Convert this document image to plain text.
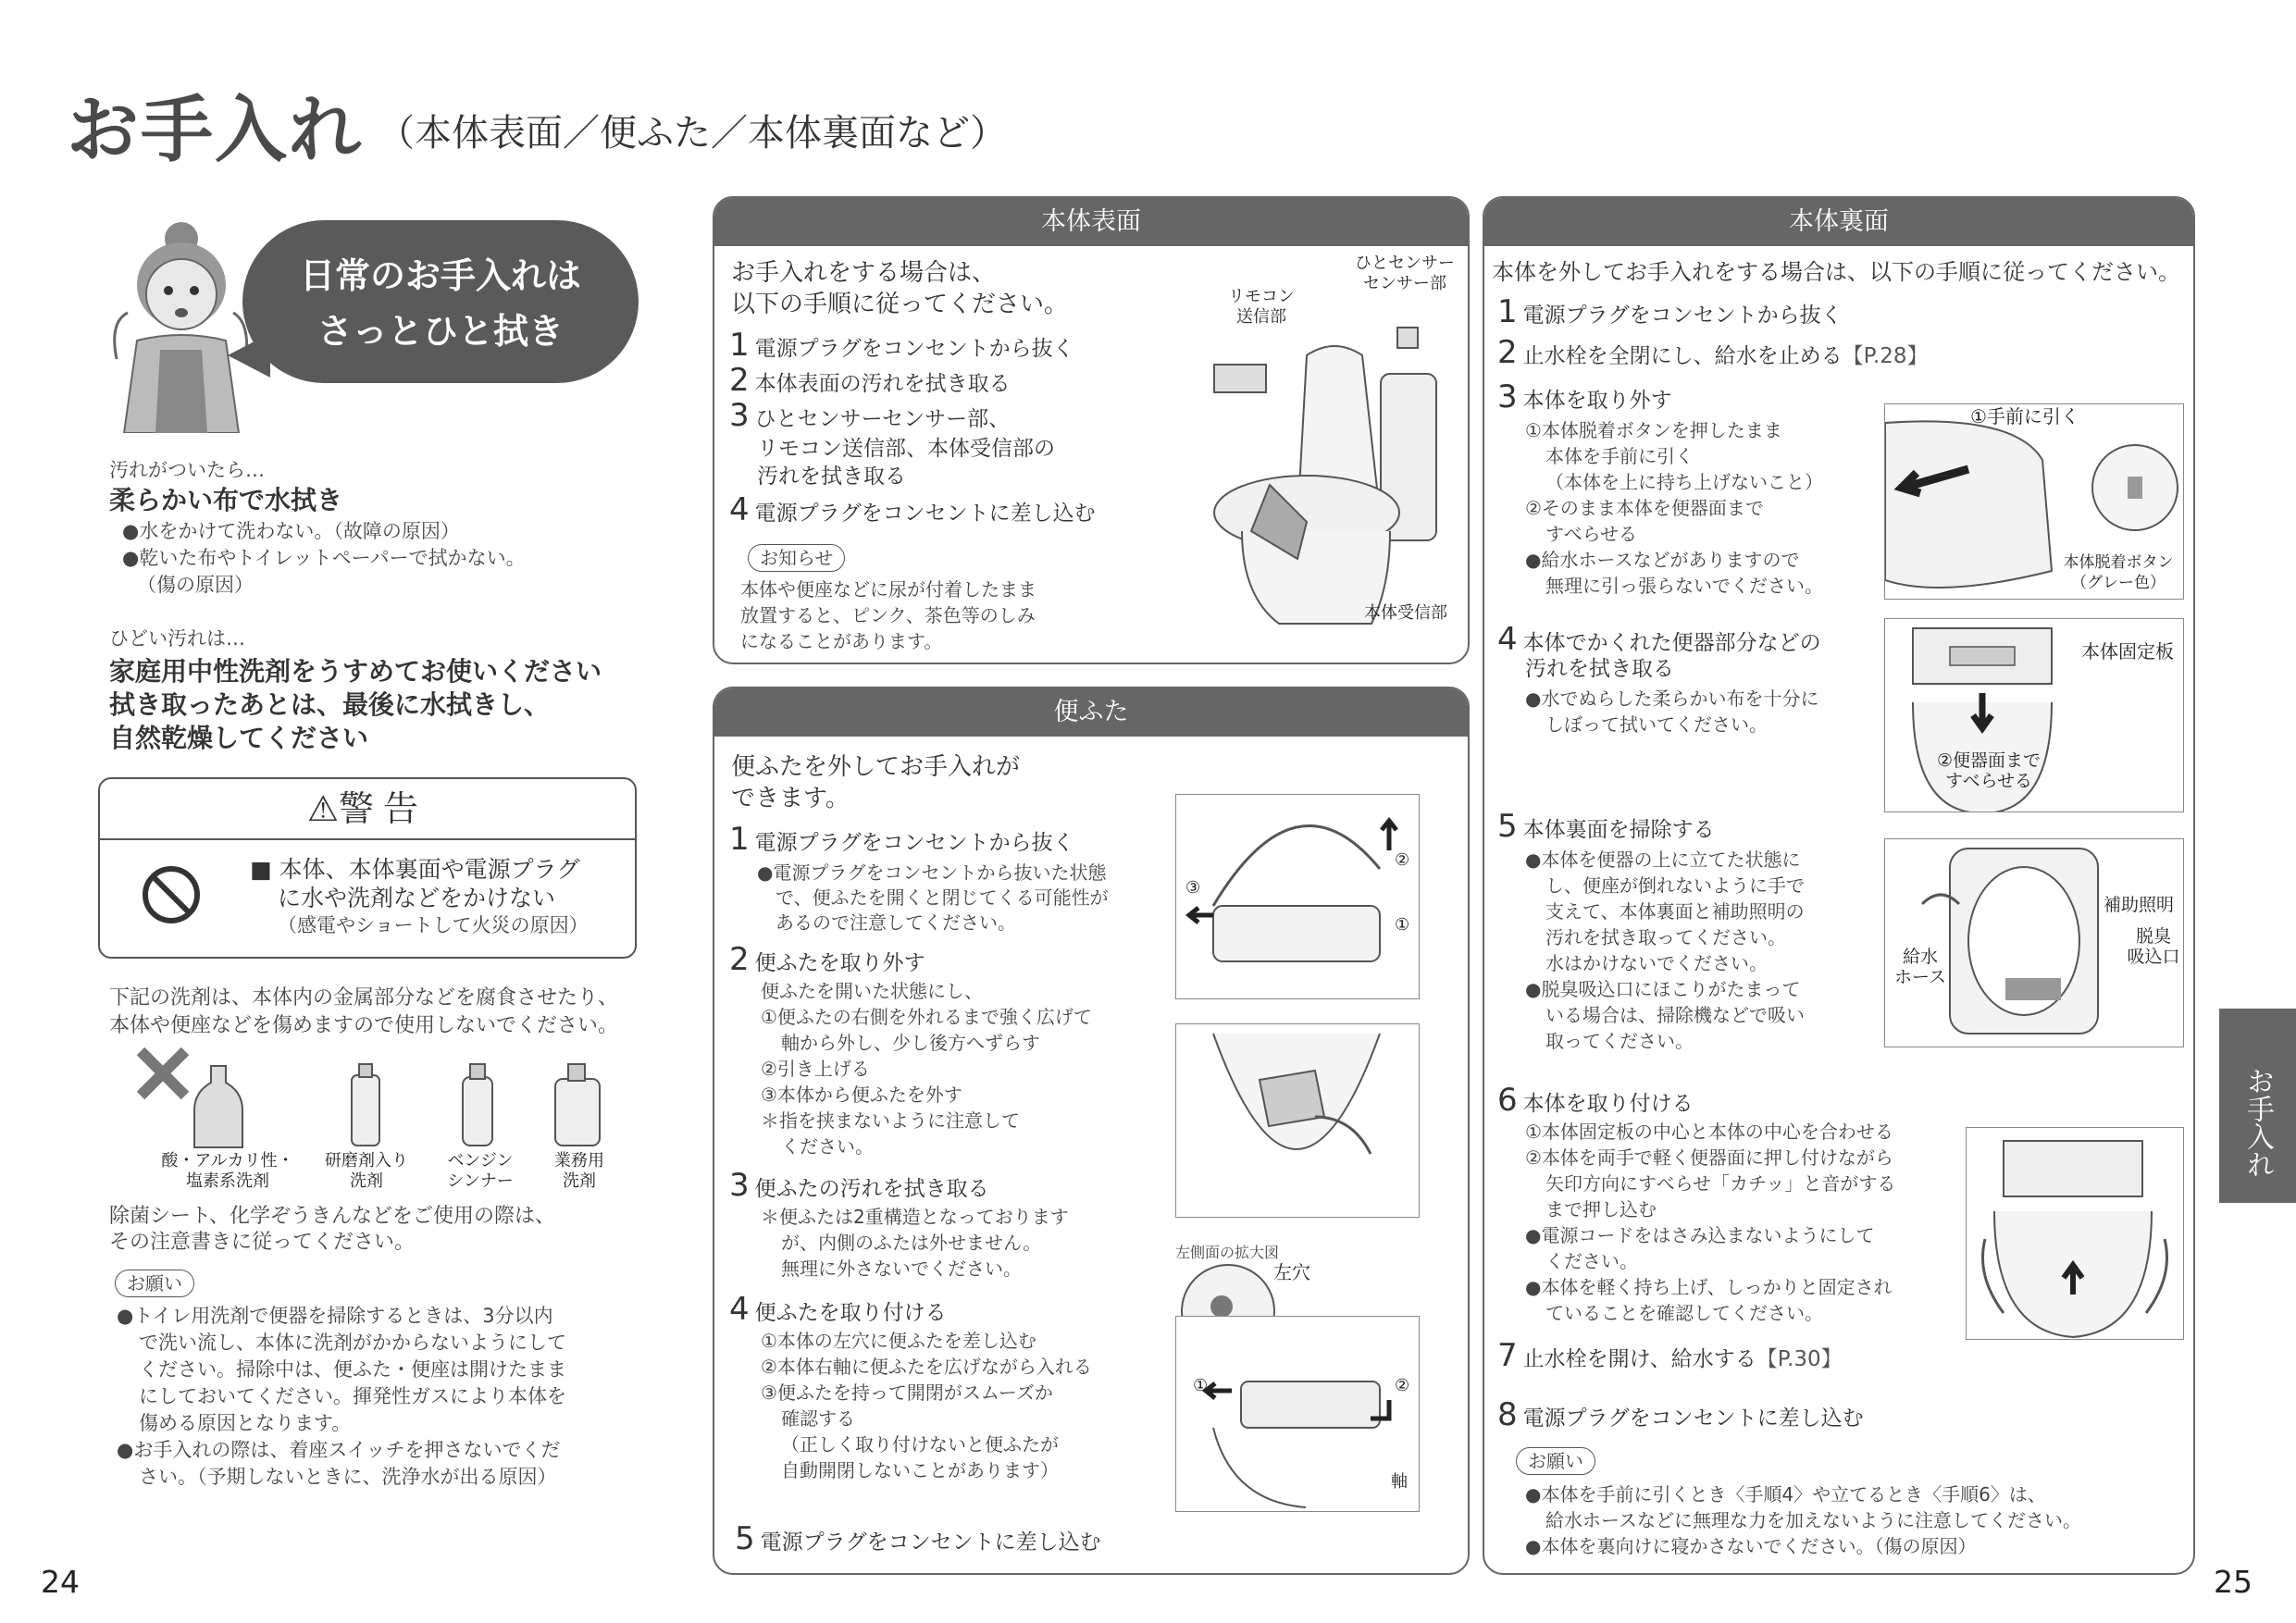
お手入れ （本体表面／便ふた／本体裏面など）
日常のお手入れは
さっとひと拭き
汚れがついたら…
柔らかい布で水拭き
●水をかけて洗わない。（故障の原因）
●乾いた布やトイレットペーパーで拭かない。
（傷の原因）
ひどい汚れは…
家庭用中性洗剤をうすめてお使いください
拭き取ったあとは、最後に水拭きし、
自然乾燥してください
⚠警告
■ 本体、本体裏面や電源プラグ
に水や洗剤などをかけない
（感電やショートして火災の原因）
下記の洗剤は、本体内の金属部分などを腐食させたり、
本体や便座などを傷めますので使用しないでください。
酸・アルカリ性・
塩素系洗剤
研磨剤入り
洗剤
ベンジン
シンナー
業務用
洗剤
除菌シート、化学ぞうきんなどをご使用の際は、
その注意書きに従ってください。
お願い
●トイレ用洗剤で便器を掃除するときは、3分以内
で洗い流し、本体に洗剤がかからないようにして
ください。掃除中は、便ふた・便座は開けたまま
にしておいてください。揮発性ガスにより本体を
傷める原因となります。
●お手入れの際は、着座スイッチを押さないでくだ
さい。（予期しないときに、洗浄水が出る原因）
24
本体表面
お手入れをする場合は、
以下の手順に従ってください。
1 電源プラグをコンセントから抜く
2 本体表面の汚れを拭き取る
3 ひとセンサーセンサー部、
リモコン送信部、本体受信部の
汚れを拭き取る
4 電源プラグをコンセントに差し込む
お知らせ
本体や便座などに尿が付着したまま
放置すると、ピンク、茶色等のしみ
になることがあります。
ひとセンサー
センサー部
リモコン
送信部
本体受信部
便ふた
便ふたを外してお手入れが
できます。
1 電源プラグをコンセントから抜く
●電源プラグをコンセントから抜いた状態
で、便ふたを開くと閉じてくる可能性が
あるので注意してください。
2 便ふたを取り外す
便ふたを開いた状態にし、
①便ふたの右側を外れるまで強く広げて
軸から外し、少し後方へずらす
②引き上げる
③本体から便ふたを外す
＊指を挟まないように注意して
ください。
3 便ふたの汚れを拭き取る
＊便ふたは2重構造となっております
が、内側のふたは外せません。
無理に外さないでください。
4 便ふたを取り付ける
①本体の左穴に便ふたを差し込む
②本体右軸に便ふたを広げながら入れる
③便ふたを持って開閉がスムーズか
確認する
（正しく取り付けないと便ふたが
自動開閉しないことがあります）
5 電源プラグをコンセントに差し込む
②
①
③
左側面の拡大図
左穴
①	②
軸
本体裏面
本体を外してお手入れをする場合は、以下の手順に従ってください。
1 電源プラグをコンセントから抜く
2 止水栓を全閉にし、給水を止める【P.28】
3 本体を取り外す
①本体脱着ボタンを押したまま
本体を手前に引く
（本体を上に持ち上げないこと）
②そのまま本体を便器面まで
すべらせる
●給水ホースなどがありますので
無理に引っ張らないでください。
①手前に引く
本体脱着ボタン
（グレー色）
4 本体でかくれた便器部分などの
汚れを拭き取る
●水でぬらした柔らかい布を十分に
しぼって拭いてください。
本体固定板
②便器面まで
すべらせる
5 本体裏面を掃除する
●本体を便器の上に立てた状態に
し、便座が倒れないように手で
支えて、本体裏面と補助照明の
汚れを拭き取ってください。
水はかけないでください。
●脱臭吸込口にほこりがたまって
いる場合は、掃除機などで吸い
取ってください。
補助照明
脱臭
吸込口
給水
ホース
6 本体を取り付ける
①本体固定板の中心と本体の中心を合わせる
②本体を両手で軽く便器面に押し付けながら
矢印方向にすべらせ「カチッ」と音がする
まで押し込む
●電源コードをはさみ込まないようにして
ください。
●本体を軽く持ち上げ、しっかりと固定され
ていることを確認してください。
7 止水栓を開け、給水する【P.30】
8 電源プラグをコンセントに差し込む
お願い
●本体を手前に引くとき〈手順4〉や立てるとき〈手順6〉は、
給水ホースなどに無理な力を加えないように注意してください。
●本体を裏向けに寝かさないでください。（傷の原因）
お手入れ
25
